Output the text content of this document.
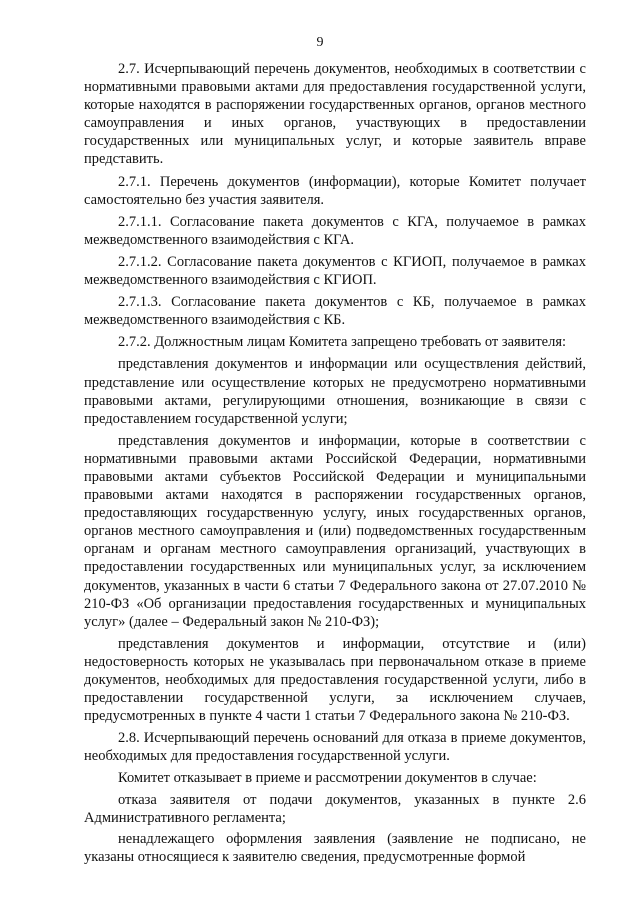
9

2.7. Исчерпывающий перечень документов, необходимых в соответствии с нормативными правовыми актами для предоставления государственной услуги, которые находятся в распоряжении государственных органов, органов местного самоуправления и иных органов, участвующих в предоставлении государственных или муниципальных услуг, и которые заявитель вправе представить.

2.7.1. Перечень документов (информации), которые Комитет получает самостоятельно без участия заявителя.

2.7.1.1. Согласование пакета документов с КГА, получаемое в рамках межведомственного взаимодействия с КГА.

2.7.1.2. Согласование пакета документов с КГИОП, получаемое в рамках межведомственного взаимодействия с КГИОП.

2.7.1.3. Согласование пакета документов с КБ, получаемое в рамках межведомственного взаимодействия с КБ.

2.7.2. Должностным лицам Комитета запрещено требовать от заявителя:

представления документов и информации или осуществления действий, представление или осуществление которых не предусмотрено нормативными правовыми актами, регулирующими отношения, возникающие в связи с предоставлением государственной услуги;

представления документов и информации, которые в соответствии с нормативными правовыми актами Российской Федерации, нормативными правовыми актами субъектов Российской Федерации и муниципальными правовыми актами находятся в распоряжении государственных органов, предоставляющих государственную услугу, иных государственных органов, органов местного самоуправления и (или) подведомственных государственным органам и органам местного самоуправления организаций, участвующих в предоставлении государственных или муниципальных услуг, за исключением документов, указанных в части 6 статьи 7 Федерального закона от 27.07.2010 № 210-ФЗ «Об организации предоставления государственных и муниципальных услуг» (далее – Федеральный закон № 210-ФЗ);

представления документов и информации, отсутствие и (или) недостоверность которых не указывалась при первоначальном отказе в приеме документов, необходимых для предоставления государственной услуги, либо в предоставлении государственной услуги, за исключением случаев, предусмотренных в пункте 4 части 1 статьи 7 Федерального закона № 210-ФЗ.

2.8. Исчерпывающий перечень оснований для отказа в приеме документов, необходимых для предоставления государственной услуги.

Комитет отказывает в приеме и рассмотрении документов в случае:

отказа заявителя от подачи документов, указанных в пункте 2.6 Административного регламента;

ненадлежащего оформления заявления (заявление не подписано, не указаны относящиеся к заявителю сведения, предусмотренные формой
